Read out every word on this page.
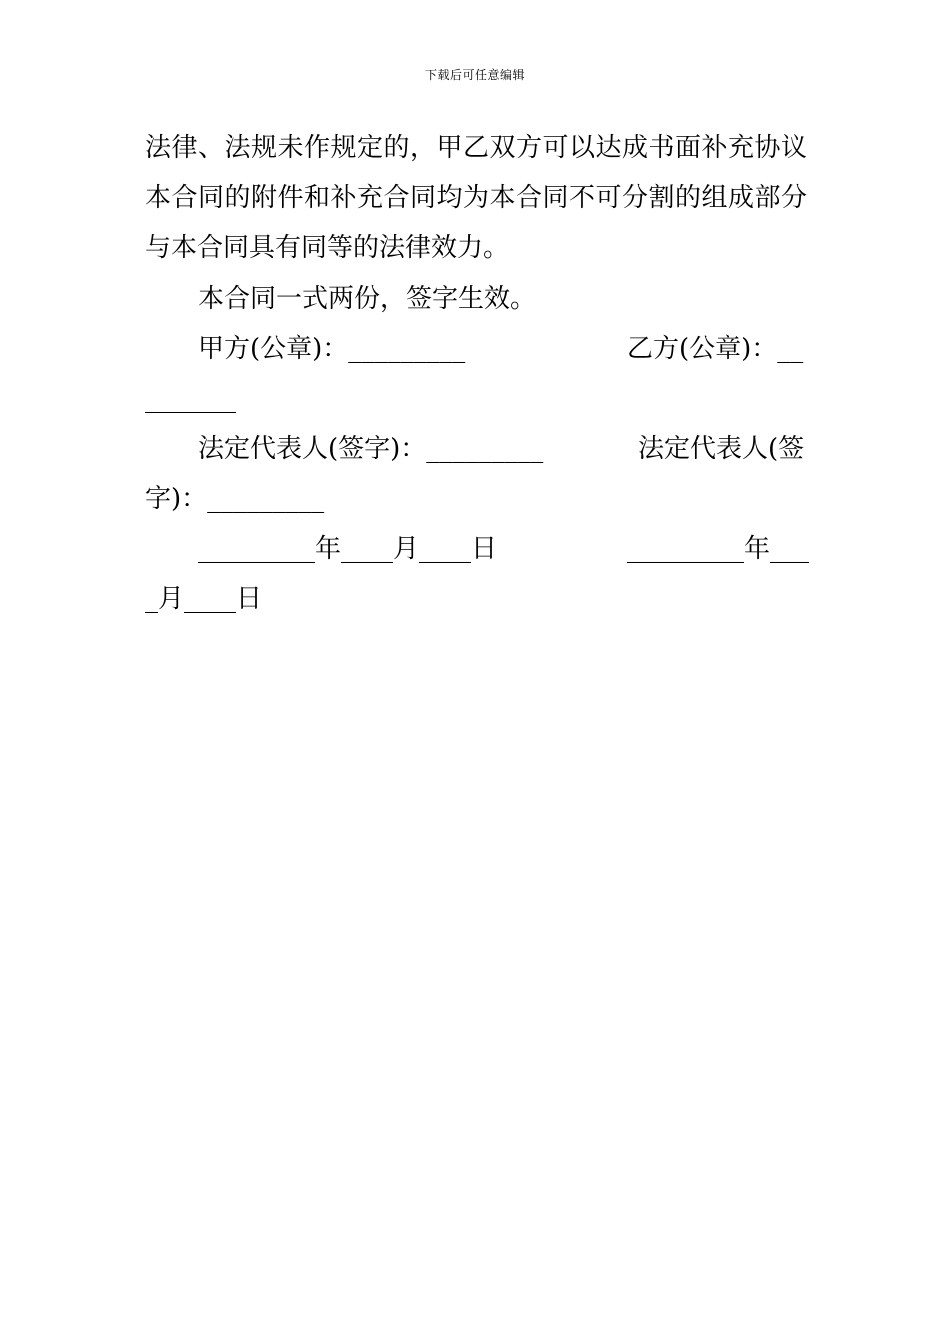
下载后可任意编辑
法律、法规未作规定的，甲乙双方可以达成书面补充协议
本合同的附件和补充合同均为本合同不可分割的组成部分
与本合同具有同等的法律效力。
本合同一式两份，签字生效。
甲方(公章)：_________	乙方(公章)：__
_______
法定代表人(签字)：_________	法定代表人(签
字)：_________
_________年____月____日	_________年___
_月____日
